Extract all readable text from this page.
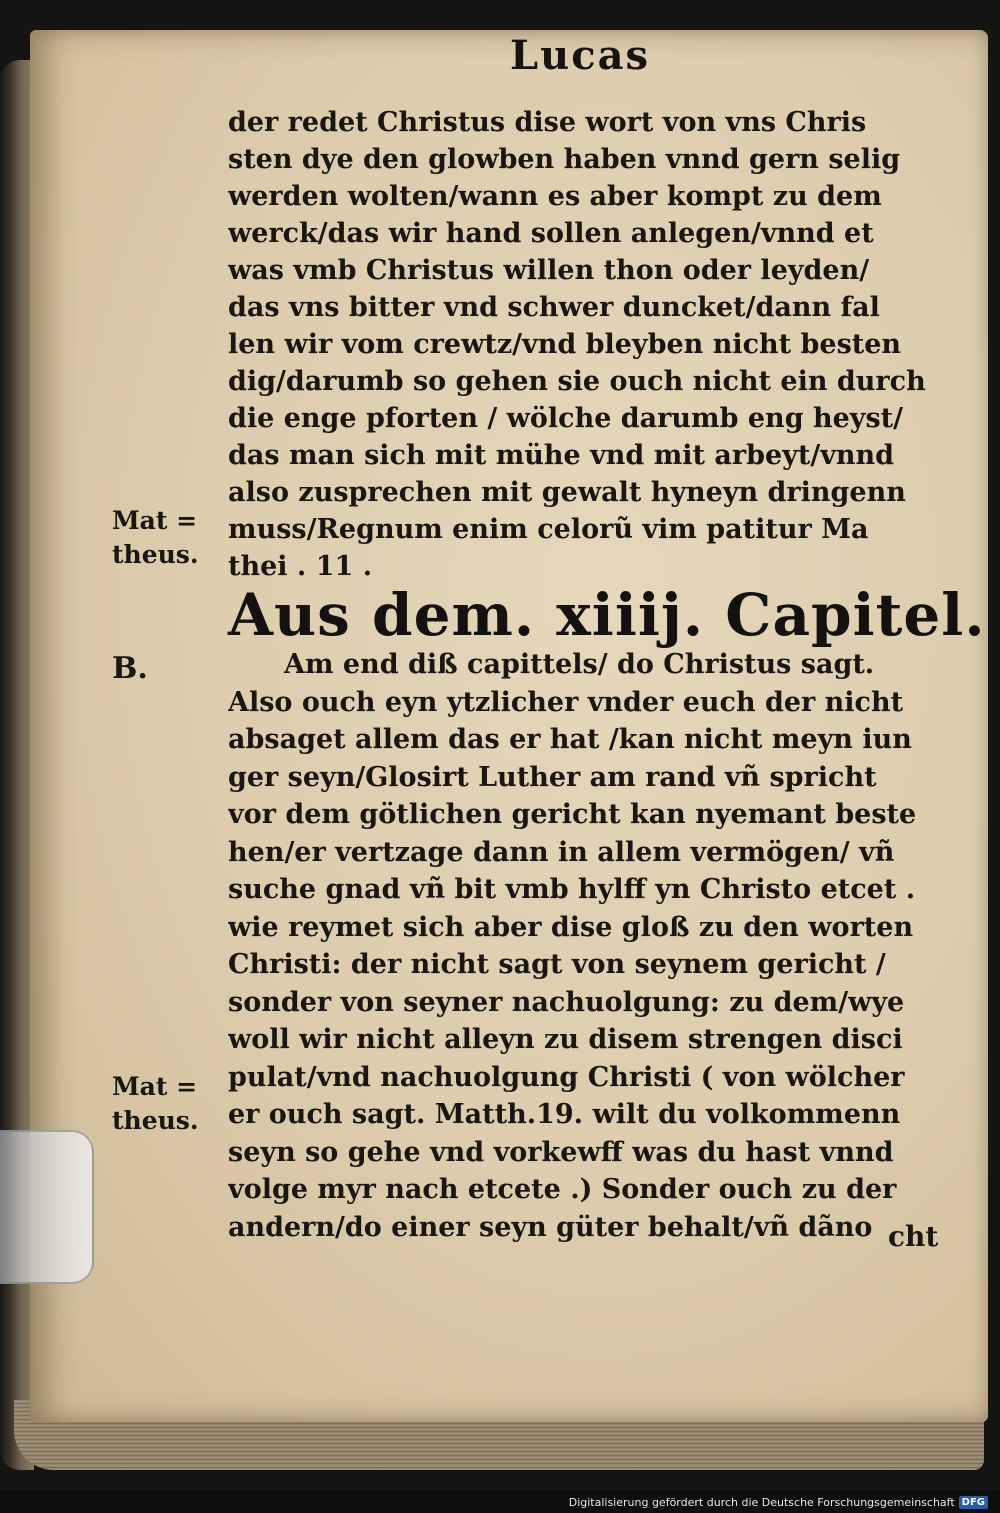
Lucas
der redet Christus dise wort von vns Chris
sten dye den glowben haben vnnd gern selig
werden wolten/wann es aber kompt zu dem
werck/das wir hand sollen anlegen/vnnd et
was vmb Christus willen thon oder leyden/
das vns bitter vnd schwer duncket/dann fal
len wir vom crewtz/vnd bleyben nicht besten
dig/darumb so gehen sie ouch nicht ein durch
die enge pforten / wölche darumb eng heyst/
das man sich mit mühe vnd mit arbeyt/vnnd
also zusprechen mit gewalt hyneyn dringenn
muss/Regnum enim celorũ vim patitur Ma
thei . 11 .
Aus dem. xiiij. Capitel.
Am end diß capittels/ do Christus sagt.
Also ouch eyn ytzlicher vnder euch der nicht
absaget allem das er hat /kan nicht meyn iun
ger seyn/Glosirt Luther am rand vñ spricht
vor dem götlichen gericht kan nyemant beste
hen/er vertzage dann in allem vermögen/ vñ
suche gnad vñ bit vmb hylff yn Christo etcet .
wie reymet sich aber dise gloß zu den worten
Christi: der nicht sagt von seynem gericht /
sonder von seyner nachuolgung: zu dem/wye
woll wir nicht alleyn zu disem strengen disci
pulat/vnd nachuolgung Christi ( von wölcher
er ouch sagt. Matth.19. wilt du volkommenn
seyn so gehe vnd vorkewff was du hast vnnd
volge myr nach etcete .) Sonder ouch zu der
andern/do einer seyn güter behalt/vñ dãno cht
Mat =
theus.
B.
Mat =
theus.
Digitalisierung gefördert durch die Deutsche Forschungsgemeinschaft DFG
